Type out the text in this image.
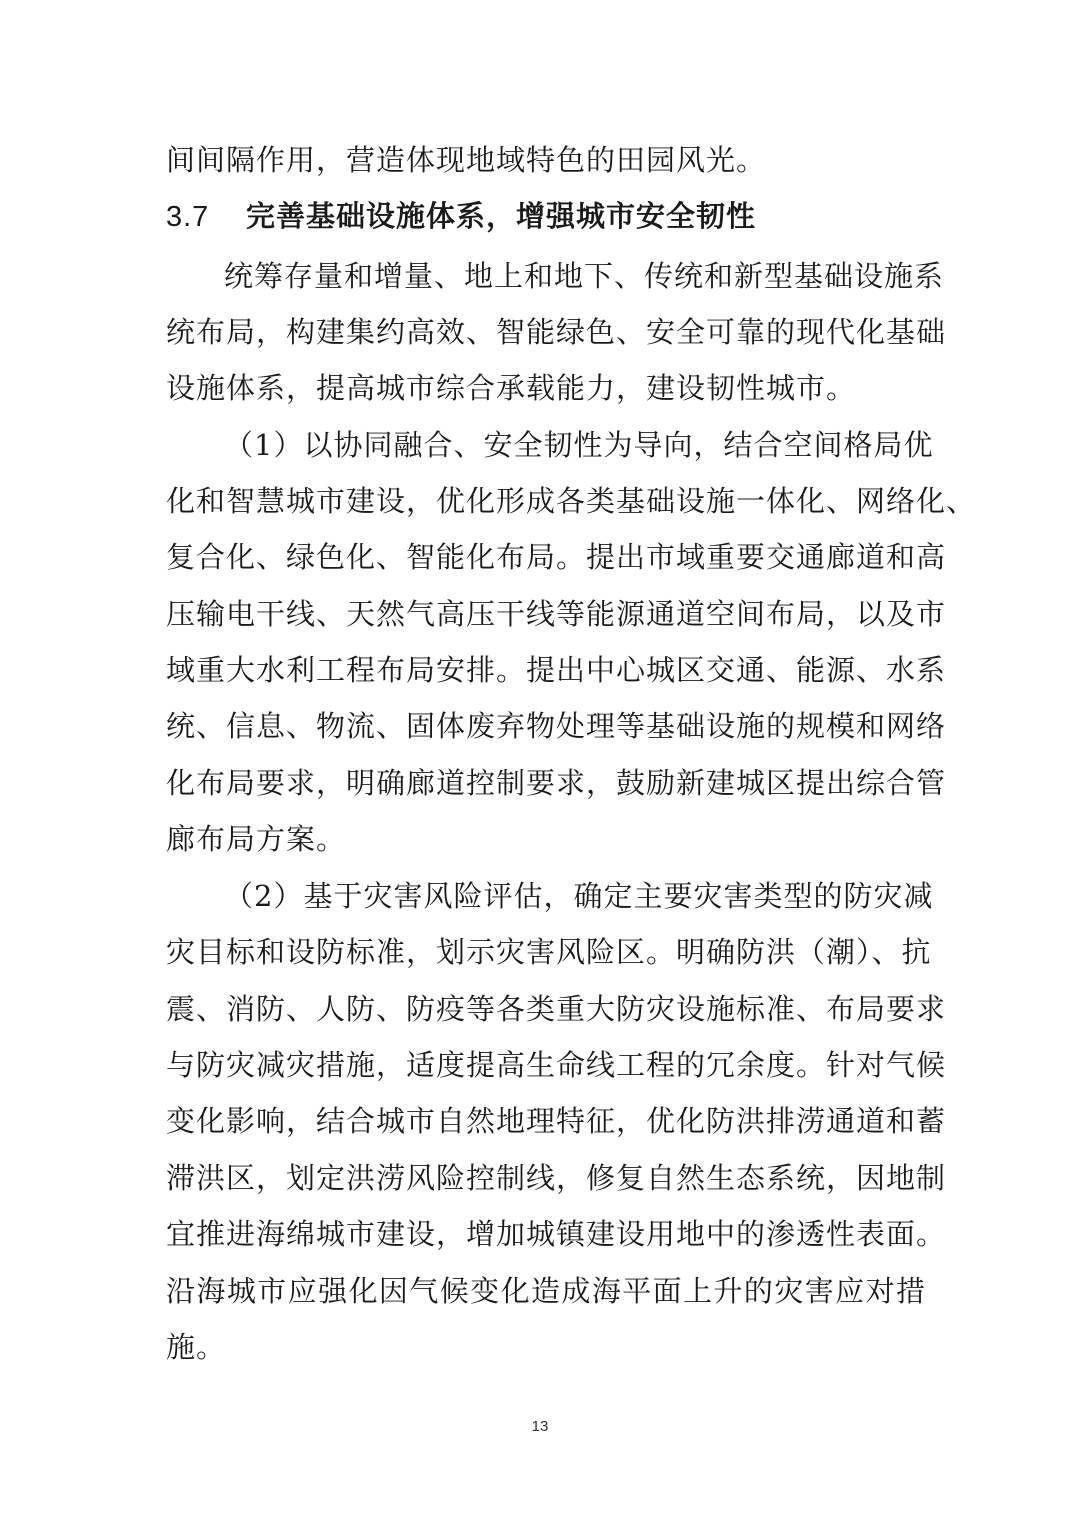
间间隔作用，营造体现地域特色的田园风光。
3.7 完善基础设施体系，增强城市安全韧性
统筹存量和增量、地上和地下、传统和新型基础设施系
统布局，构建集约高效、智能绿色、安全可靠的现代化基础
设施体系，提高城市综合承载能力，建设韧性城市。
（1）以协同融合、安全韧性为导向，结合空间格局优
化和智慧城市建设，优化形成各类基础设施一体化、网络化、
复合化、绿色化、智能化布局。提出市域重要交通廊道和高
压输电干线、天然气高压干线等能源通道空间布局，以及市
域重大水利工程布局安排。提出中心城区交通、能源、水系
统、信息、物流、固体废弃物处理等基础设施的规模和网络
化布局要求，明确廊道控制要求，鼓励新建城区提出综合管
廊布局方案。
（2）基于灾害风险评估，确定主要灾害类型的防灾减
灾目标和设防标准，划示灾害风险区。明确防洪（潮）、抗
震、消防、人防、防疫等各类重大防灾设施标准、布局要求
与防灾减灾措施，适度提高生命线工程的冗余度。针对气候
变化影响，结合城市自然地理特征，优化防洪排涝通道和蓄
滞洪区，划定洪涝风险控制线，修复自然生态系统，因地制
宜推进海绵城市建设，增加城镇建设用地中的渗透性表面。
沿海城市应强化因气候变化造成海平面上升的灾害应对措
施。
13
